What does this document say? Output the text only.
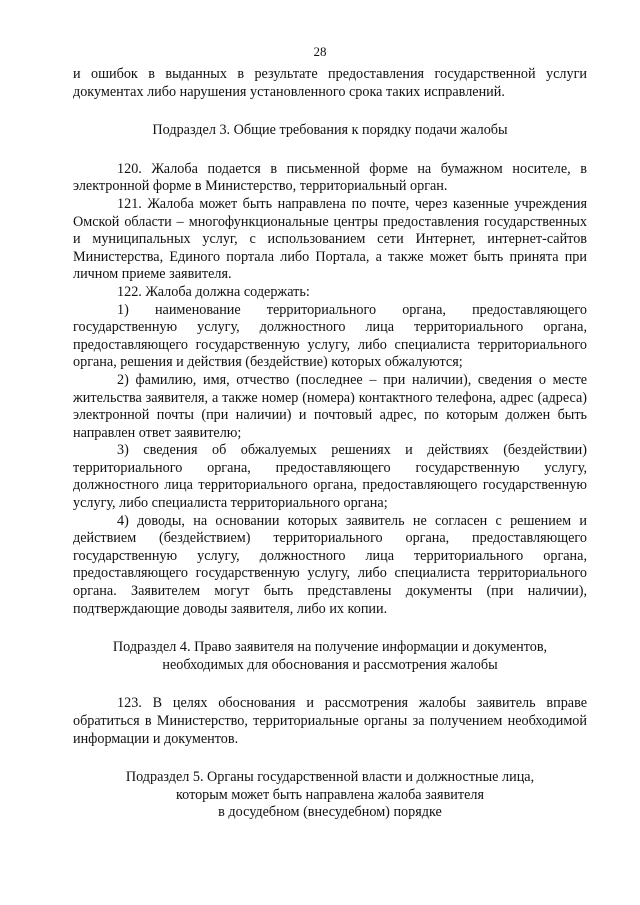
28

и ошибок в выданных в результате предоставления государственной услуги документах либо нарушения установленного срока таких исправлений.

Подраздел 3. Общие требования к порядку подачи жалобы

120. Жалоба подается в письменной форме на бумажном носителе, в электронной форме в Министерство, территориальный орган.

121. Жалоба может быть направлена по почте, через казенные учреждения Омской области – многофункциональные центры предоставления государственных и муниципальных услуг, с использованием сети Интернет, интернет-сайтов Министерства, Единого портала либо Портала, а также может быть принята при личном приеме заявителя.

122. Жалоба должна содержать:

1) наименование территориального органа, предоставляющего государственную услугу, должностного лица территориального органа, предоставляющего государственную услугу, либо специалиста территориального органа, решения и действия (бездействие) которых обжалуются;

2) фамилию, имя, отчество (последнее – при наличии), сведения о месте жительства заявителя, а также номер (номера) контактного телефона, адрес (адреса) электронной почты (при наличии) и почтовый адрес, по которым должен быть направлен ответ заявителю;

3) сведения об обжалуемых решениях и действиях (бездействии) территориального органа, предоставляющего государственную услугу, должностного лица территориального органа, предоставляющего государственную услугу, либо специалиста территориального органа;

4) доводы, на основании которых заявитель не согласен с решением и действием (бездействием) территориального органа, предоставляющего государственную услугу, должностного лица территориального органа, предоставляющего государственную услугу, либо специалиста территориального органа. Заявителем могут быть представлены документы (при наличии), подтверждающие доводы заявителя, либо их копии.

Подраздел 4. Право заявителя на получение информации и документов,
необходимых для обоснования и рассмотрения жалобы

123. В целях обоснования и рассмотрения жалобы заявитель вправе обратиться в Министерство, территориальные органы за получением необходимой информации и документов.

Подраздел 5. Органы государственной власти и должностные лица,
которым может быть направлена жалоба заявителя
в досудебном (внесудебном) порядке
